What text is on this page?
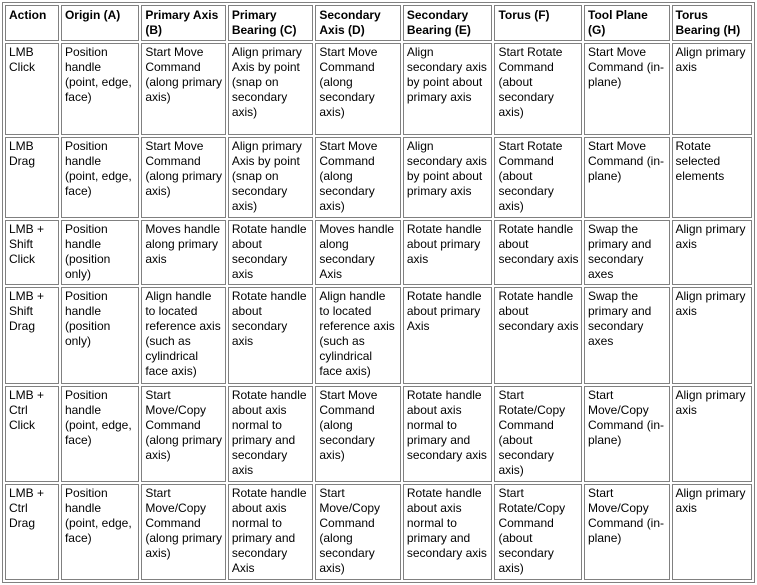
Action	Origin (A)	Primary Axis (B)	Primary Bearing (C)	Secondary Axis (D)	Secondary Bearing (E)	Torus (F)	Tool Plane (G)	Torus Bearing (H)
LMB Click	Position handle (point, edge, face)	Start Move Command (along primary axis)	Align primary Axis by point (snap on secondary axis)	Start Move Command (along secondary axis)	Align secondary axis by point about primary axis	Start Rotate Command (about secondary axis)	Start Move Command (in-plane)	Align primary axis
LMB Drag	Position handle (point, edge, face)	Start Move Command (along primary axis)	Align primary Axis by point (snap on secondary axis)	Start Move Command (along secondary axis)	Align secondary axis by point about primary axis	Start Rotate Command (about secondary axis)	Start Move Command (in-plane)	Rotate selected elements
LMB + Shift Click	Position handle (position only)	Moves handle along primary axis	Rotate handle about secondary axis	Moves handle along secondary Axis	Rotate handle about primary axis	Rotate handle about secondary axis	Swap the primary and secondary axes	Align primary axis
LMB + Shift Drag	Position handle (position only)	Align handle to located reference axis (such as cylindrical face axis)	Rotate handle about secondary axis	Align handle to located reference axis (such as cylindrical face axis)	Rotate handle about primary Axis	Rotate handle about secondary axis	Swap the primary and secondary axes	Align primary axis
LMB + Ctrl Click	Position handle (point, edge, face)	Start Move/Copy Command (along primary axis)	Rotate handle about axis normal to primary and secondary axis	Start Move Command (along secondary axis)	Rotate handle about axis normal to primary and secondary axis	Start Rotate/Copy Command (about secondary axis)	Start Move/Copy Command (in-plane)	Align primary axis
LMB + Ctrl Drag	Position handle (point, edge, face)	Start Move/Copy Command (along primary axis)	Rotate handle about axis normal to primary and secondary Axis	Start Move/Copy Command (along secondary axis)	Rotate handle about axis normal to primary and secondary axis	Start Rotate/Copy Command (about secondary axis)	Start Move/Copy Command (in-plane)	Align primary axis
